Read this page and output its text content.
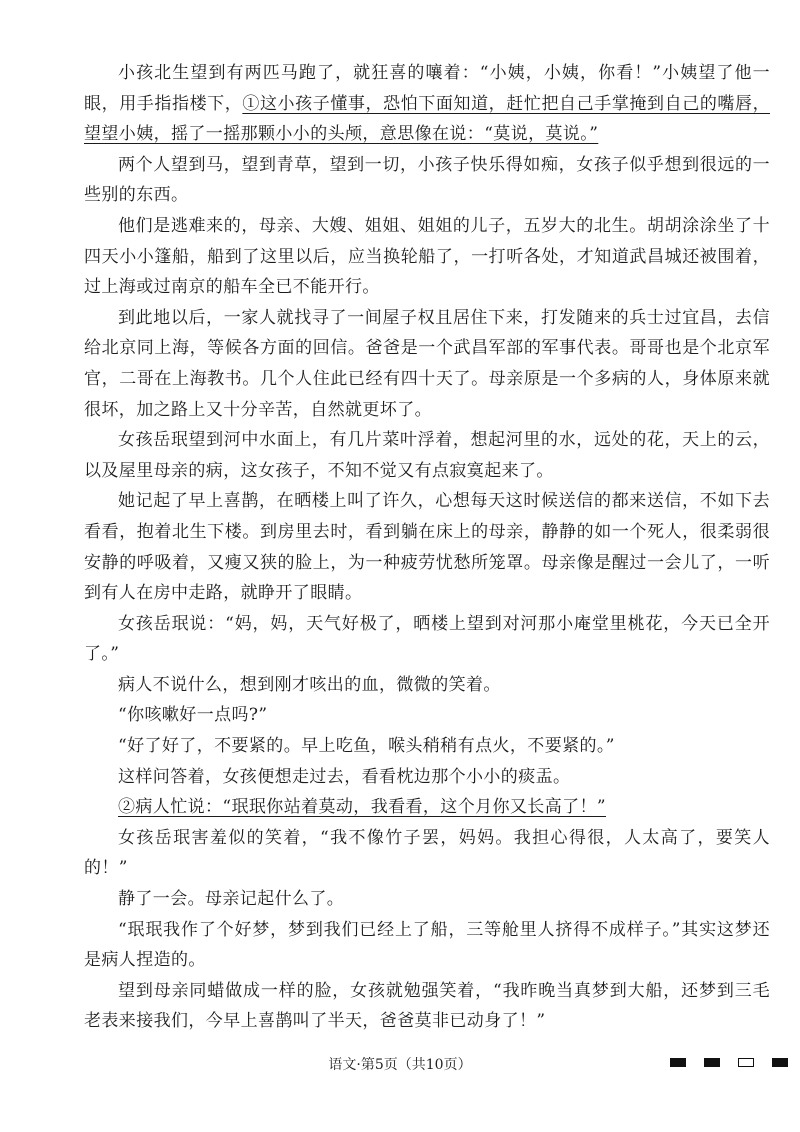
小孩北生望到有两匹马跑了，就狂喜的嚷着：“小姨，小姨，你看！”小姨望了他一眼，用手指指楼下，①这小孩子懂事，恐怕下面知道，赶忙把自己手掌掩到自己的嘴唇，望望小姨，摇了一摇那颗小小的头颅，意思像在说：“莫说，莫说。”

两个人望到马，望到青草，望到一切，小孩子快乐得如痴，女孩子似乎想到很远的一些别的东西。

他们是逃难来的，母亲、大嫂、姐姐、姐姐的儿子，五岁大的北生。胡胡涂涂坐了十四天小小篷船，船到了这里以后，应当换轮船了，一打听各处，才知道武昌城还被围着，过上海或过南京的船车全已不能开行。

到此地以后，一家人就找寻了一间屋子权且居住下来，打发随来的兵士过宜昌，去信给北京同上海，等候各方面的回信。爸爸是一个武昌军部的军事代表。哥哥也是个北京军官，二哥在上海教书。几个人住此已经有四十天了。母亲原是一个多病的人，身体原来就很坏，加之路上又十分辛苦，自然就更坏了。

女孩岳珉望到河中水面上，有几片菜叶浮着，想起河里的水，远处的花，天上的云，以及屋里母亲的病，这女孩子，不知不觉又有点寂寞起来了。

她记起了早上喜鹊，在晒楼上叫了许久，心想每天这时候送信的都来送信，不如下去看看，抱着北生下楼。到房里去时，看到躺在床上的母亲，静静的如一个死人，很柔弱很安静的呼吸着，又瘦又狭的脸上，为一种疲劳忧愁所笼罩。母亲像是醒过一会儿了，一听到有人在房中走路，就睁开了眼睛。

女孩岳珉说：“妈，妈，天气好极了，晒楼上望到对河那小庵堂里桃花，今天已全开了。”

病人不说什么，想到刚才咳出的血，微微的笑着。

“你咳嗽好一点吗?”

“好了好了，不要紧的。早上吃鱼，喉头稍稍有点火，不要紧的。”

这样问答着，女孩便想走过去，看看枕边那个小小的痰盂。

②病人忙说：“珉珉你站着莫动，我看看，这个月你又长高了！”

女孩岳珉害羞似的笑着，“我不像竹子罢，妈妈。我担心得很，人太高了，要笑人的！”

静了一会。母亲记起什么了。

“珉珉我作了个好梦，梦到我们已经上了船，三等舱里人挤得不成样子。”其实这梦还是病人捏造的。

望到母亲同蜡做成一样的脸，女孩就勉强笑着，“我昨晚当真梦到大船，还梦到三毛老表来接我们，今早上喜鹊叫了半天，爸爸莫非已动身了！”

语文·第5页（共10页）
